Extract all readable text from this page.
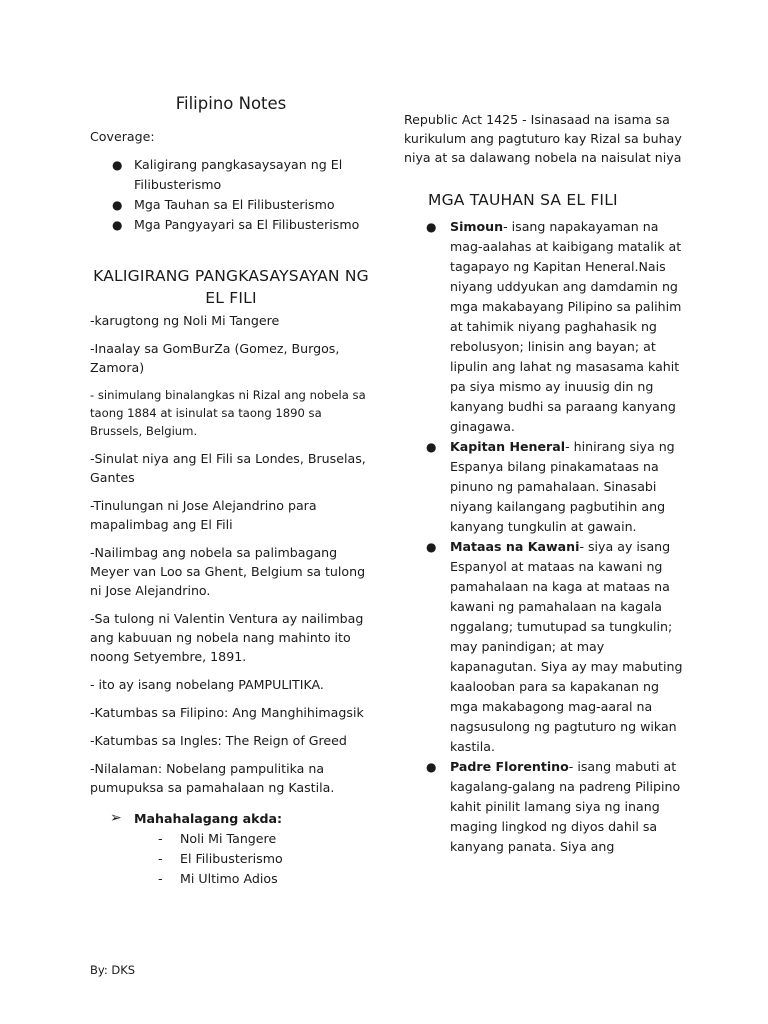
Filipino Notes
Coverage:
● Kaligirang pangkasaysayan ng El Filibusterismo
● Mga Tauhan sa El Filibusterismo
● Mga Pangyayari sa El Filibusterismo
KALIGIRANG PANGKASAYSAYAN NG EL FILI
-karugtong ng Noli Mi Tangere
-Inaalay sa GomBurZa (Gomez, Burgos, Zamora)
- sinimulang binalangkas ni Rizal ang nobela sa taong 1884 at isinulat sa taong 1890 sa Brussels, Belgium.
-Sinulat niya ang El Fili sa Londes, Bruselas, Gantes
-Tinulungan ni Jose Alejandrino para mapalimbag ang El Fili
-Nailimbag ang nobela sa palimbagang Meyer van Loo sa Ghent, Belgium sa tulong ni Jose Alejandrino.
-Sa tulong ni Valentin Ventura ay nailimbag ang kabuuan ng nobela nang mahinto ito noong Setyembre, 1891.
- ito ay isang nobelang PAMPULITIKA.
-Katumbas sa Filipino: Ang Manghihimagsik
-Katumbas sa Ingles: The Reign of Greed
-Nilalaman: Nobelang pampulitika na pumupuksa sa pamahalaan ng Kastila.
➢ Mahahalagang akda:
- Noli Mi Tangere
- El Filibusterismo
- Mi Ultimo Adios
Republic Act 1425 - Isinasaad na isama sa kurikulum ang pagtuturo kay Rizal sa buhay niya at sa dalawang nobela na naisulat niya
MGA TAUHAN SA EL FILI
● Simoun- isang napakayaman na mag-aalahas at kaibigang matalik at tagapayo ng Kapitan Heneral.Nais niyang uddyukan ang damdamin ng mga makabayang Pilipino sa palihim at tahimik niyang paghahasik ng rebolusyon; linisin ang bayan; at lipulin ang lahat ng masasama kahit pa siya mismo ay inuusig din ng kanyang budhi sa paraang kanyang ginagawa.
● Kapitan Heneral- hinirang siya ng Espanya bilang pinakamataas na pinuno ng pamahalaan. Sinasabi niyang kailangang pagbutihin ang kanyang tungkulin at gawain.
● Mataas na Kawani- siya ay isang Espanyol at mataas na kawani ng pamahalaan na kaga at mataas na kawani ng pamahalaan na kagala nggalang; tumutupad sa tungkulin; may panindigan; at may kapanagutan. Siya ay may mabuting kaalooban para sa kapakanan ng mga makabagong mag-aaral na nagsusulong ng pagtuturo ng wikan kastila.
● Padre Florentino- isang mabuti at kagalang-galang na padreng Pilipino kahit pinilit lamang siya ng inang maging lingkod ng diyos dahil sa kanyang panata. Siya ang
By: DKS
